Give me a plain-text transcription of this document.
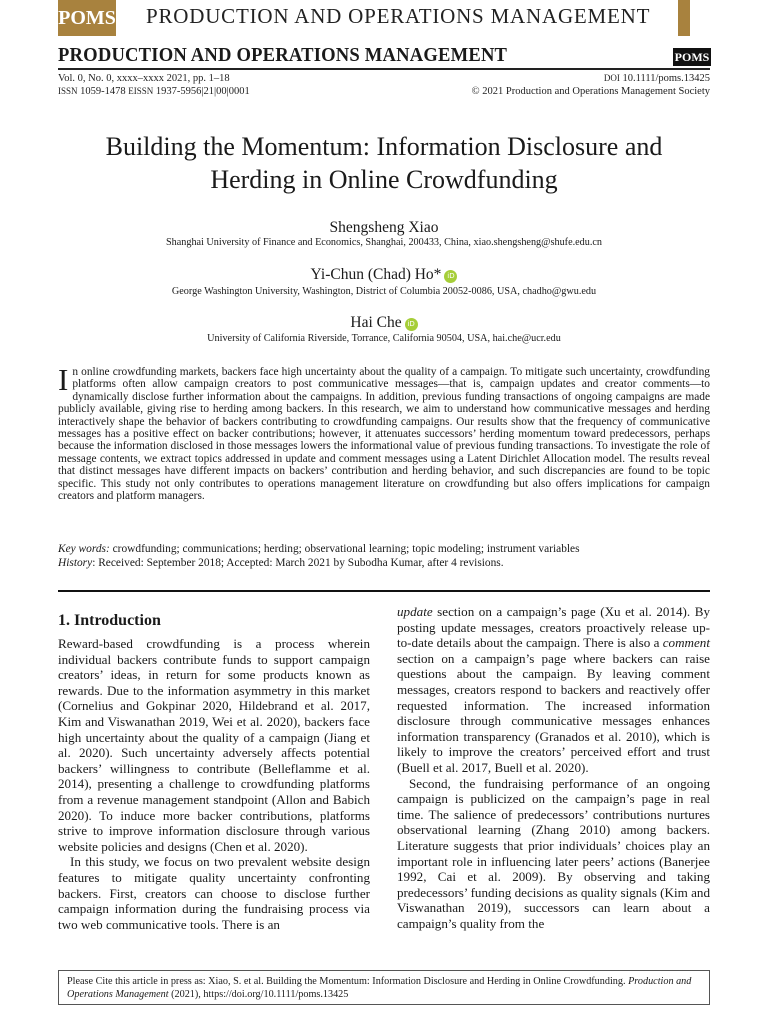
POMS PRODUCTION AND OPERATIONS MANAGEMENT
PRODUCTION AND OPERATIONS MANAGEMENT	POMS
Vol. 0, No. 0, xxxx–xxxx 2021, pp. 1–18
ISSN 1059-1478 EISSN 1937-5956|21|00|0001
DOI 10.1111/poms.13425
© 2021 Production and Operations Management Society
Building the Momentum: Information Disclosure and
Herding in Online Crowdfunding
Shengsheng Xiao
Shanghai University of Finance and Economics, Shanghai, 200433, China, xiao.shengsheng@shufe.edu.cn
Yi-Chun (Chad) Ho* iD
George Washington University, Washington, District of Columbia 20052-0086, USA, chadho@gwu.edu
Hai Che iD
University of California Riverside, Torrance, California 90504, USA, hai.che@ucr.edu
In online crowdfunding markets, backers face high uncertainty about the quality of a campaign. To mitigate such uncertainty, crowdfunding platforms often allow campaign creators to post communicative messages—that is, campaign updates and creator comments—to dynamically disclose further information about the campaigns. In addition, previous funding transactions of ongoing campaigns are made publicly available, giving rise to herding among backers. In this research, we aim to understand how communicative messages and herding interactively shape the behavior of backers contributing to crowdfunding campaigns. Our results show that the frequency of communicative messages has a positive effect on backer contributions; however, it attenuates successors’ herding momentum toward predecessors, perhaps because the information disclosed in those messages lowers the informational value of previous funding transactions. To investigate the role of message contents, we extract topics addressed in update and comment messages using a Latent Dirichlet Allocation model. The results reveal that distinct messages have different impacts on backers’ contribution and herding behavior, and such discrepancies are found to be topic specific. This study not only contributes to operations management literature on crowdfunding but also offers implications for campaign creators and platform managers.
Key words: crowdfunding; communications; herding; observational learning; topic modeling; instrument variables
History: Received: September 2018; Accepted: March 2021 by Subodha Kumar, after 4 revisions.
1. Introduction

Reward-based crowdfunding is a process wherein individual backers contribute funds to support campaign creators’ ideas, in return for some products known as rewards. Due to the information asymmetry in this market (Cornelius and Gokpinar 2020, Hildebrand et al. 2017, Kim and Viswanathan 2019, Wei et al. 2020), backers face high uncertainty about the quality of a campaign (Jiang et al. 2020). Such uncertainty adversely affects potential backers’ willingness to contribute (Belleflamme et al. 2014), presenting a challenge to crowdfunding platforms from a revenue management standpoint (Allon and Babich 2020). To induce more backer contributions, platforms strive to improve information disclosure through various website policies and designs (Chen et al. 2020).

In this study, we focus on two prevalent website design features to mitigate quality uncertainty confronting backers. First, creators can choose to disclose further campaign information during the fundraising process via two web communicative tools. There is an

update section on a campaign’s page (Xu et al. 2014). By posting update messages, creators proactively release up-to-date details about the campaign. There is also a comment section on a campaign’s page where backers can raise questions about the campaign. By leaving comment messages, creators respond to backers and reactively offer requested information. The increased information disclosure through communicative messages enhances information transparency (Granados et al. 2010), which is likely to improve the creators’ perceived effort and trust (Buell et al. 2017, Buell et al. 2020).

Second, the fundraising performance of an ongoing campaign is publicized on the campaign’s page in real time. The salience of predecessors’ contributions nurtures observational learning (Zhang 2010) among backers. Literature suggests that prior individuals’ choices play an important role in influencing later peers’ actions (Banerjee 1992, Cai et al. 2009). By observing and taking predecessors’ funding decisions as quality signals (Kim and Viswanathan 2019), successors can learn about a campaign’s quality from the

Please Cite this article in press as: Xiao, S. et al. Building the Momentum: Information Disclosure and Herding in Online Crowdfunding. Production and Operations Management (2021), https://doi.org/10.1111/poms.13425
